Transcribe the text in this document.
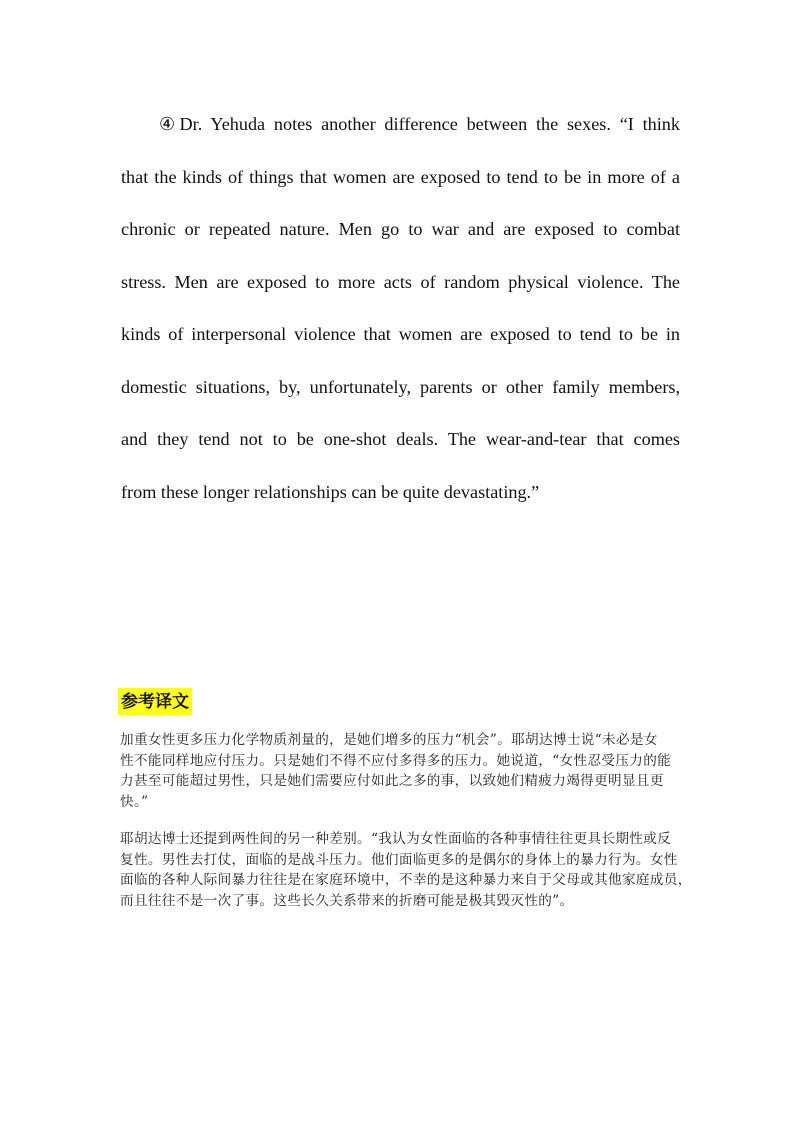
④Dr. Yehuda notes another difference between the sexes. “I think
that the kinds of things that women are exposed to tend to be in more of a
chronic or repeated nature. Men go to war and are exposed to combat
stress. Men are exposed to more acts of random physical violence. The
kinds of interpersonal violence that women are exposed to tend to be in
domestic situations, by, unfortunately, parents or other family members,
and they tend not to be one-shot deals. The wear-and-tear that comes
from these longer relationships can be quite devastating.”
参考译文
加重女性更多压力化学物质剂量的，是她们增多的压力“机会”。耶胡达博士说“未必是女
性不能同样地应付压力。只是她们不得不应付多得多的压力。她说道，“女性忍受压力的能
力甚至可能超过男性，只是她们需要应付如此之多的事，以致她们精疲力竭得更明显且更
快。”
耶胡达博士还提到两性间的另一种差别。“我认为女性面临的各种事情往往更具长期性或反
复性。男性去打仗，面临的是战斗压力。他们面临更多的是偶尔的身体上的暴力行为。女性
面临的各种人际间暴力往往是在家庭环境中，不幸的是这种暴力来自于父母或其他家庭成员，
而且往往不是一次了事。这些长久关系带来的折磨可能是极其毁灭性的”。
